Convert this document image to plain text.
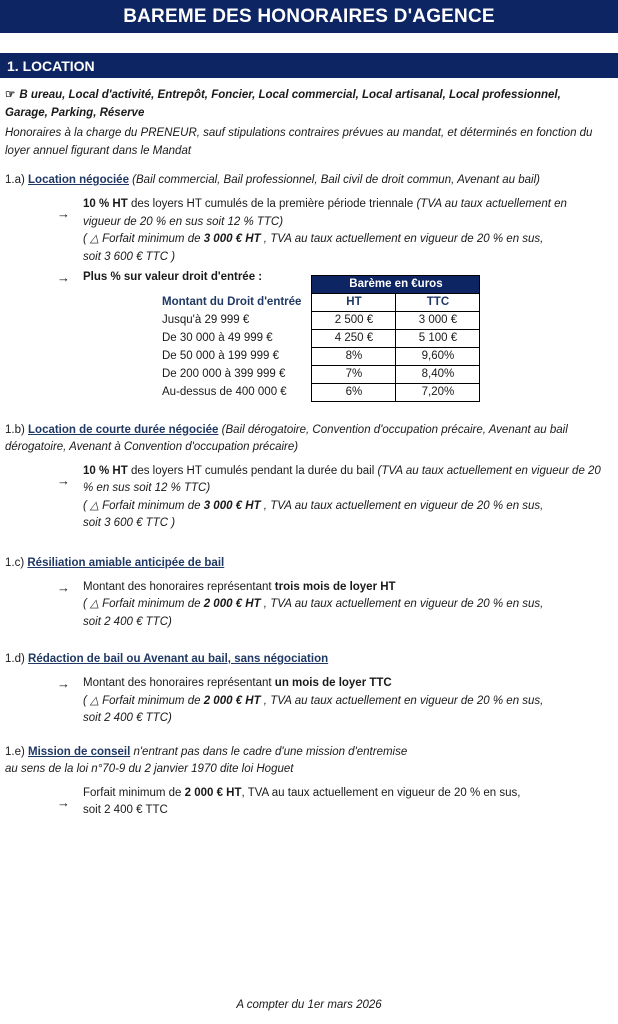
BAREME DES HONORAIRES D'AGENCE
1. LOCATION
☞ B ureau, Local d'activité, Entrepôt, Foncier, Local commercial, Local artisanal, Local professionnel, Garage, Parking, Réserve
Honoraires à la charge du PRENEUR, sauf stipulations contraires prévues au mandat, et déterminés en fonction du loyer annuel figurant dans le Mandat
1.a) Location négociée (Bail commercial, Bail professionnel, Bail civil de droit commun, Avenant au bail)
→
10 % HT des loyers HT cumulés de la première période triennale (TVA au taux actuellement en vigueur de 20 % en sus soit 12 % TTC)
( △ Forfait minimum de 3 000 € HT , TVA au taux actuellement en vigueur de 20 % en sus,
soit 3 600 € TTC )
→	Plus % sur valeur droit d'entrée :
	Barème en €uros	
Montant du Droit d'entrée	HT	TTC
Jusqu'à 29 999 €	2 500 €	3 000 €
De 30 000 à 49 999 €	4 250 €	5 100 €
De 50 000 à 199 999 €	8%	9,60%
De 200 000 à 399 999 €	7%	8,40%
Au-dessus de 400 000 €	6%	7,20%
1.b) Location de courte durée négociée (Bail dérogatoire, Convention d'occupation précaire, Avenant au bail dérogatoire, Avenant à Convention d'occupation précaire)
→
10 % HT des loyers HT cumulés pendant la durée du bail (TVA au taux actuellement en vigueur de 20 % en sus soit 12 % TTC)
( △ Forfait minimum de 3 000 € HT , TVA au taux actuellement en vigueur de 20 % en sus,
soit 3 600 € TTC )
1.c) Résiliation amiable anticipée de bail
→	Montant des honoraires représentant trois mois de loyer HT
( △ Forfait minimum de 2 000 € HT , TVA au taux actuellement en vigueur de 20 % en sus,
soit 2 400 € TTC)
1.d) Rédaction de bail ou Avenant au bail, sans négociation
→	Montant des honoraires représentant un mois de loyer TTC
( △ Forfait minimum de 2 000 € HT , TVA au taux actuellement en vigueur de 20 % en sus,
soit 2 400 € TTC)
1.e) Mission de conseil n'entrant pas dans le cadre d'une mission d'entremise
au sens de la loi n°70-9 du 2 janvier 1970 dite loi Hoguet
→
Forfait minimum de 2 000 € HT, TVA au taux actuellement en vigueur de 20 % en sus,
soit 2 400 € TTC
A compter du 1er mars 2026
